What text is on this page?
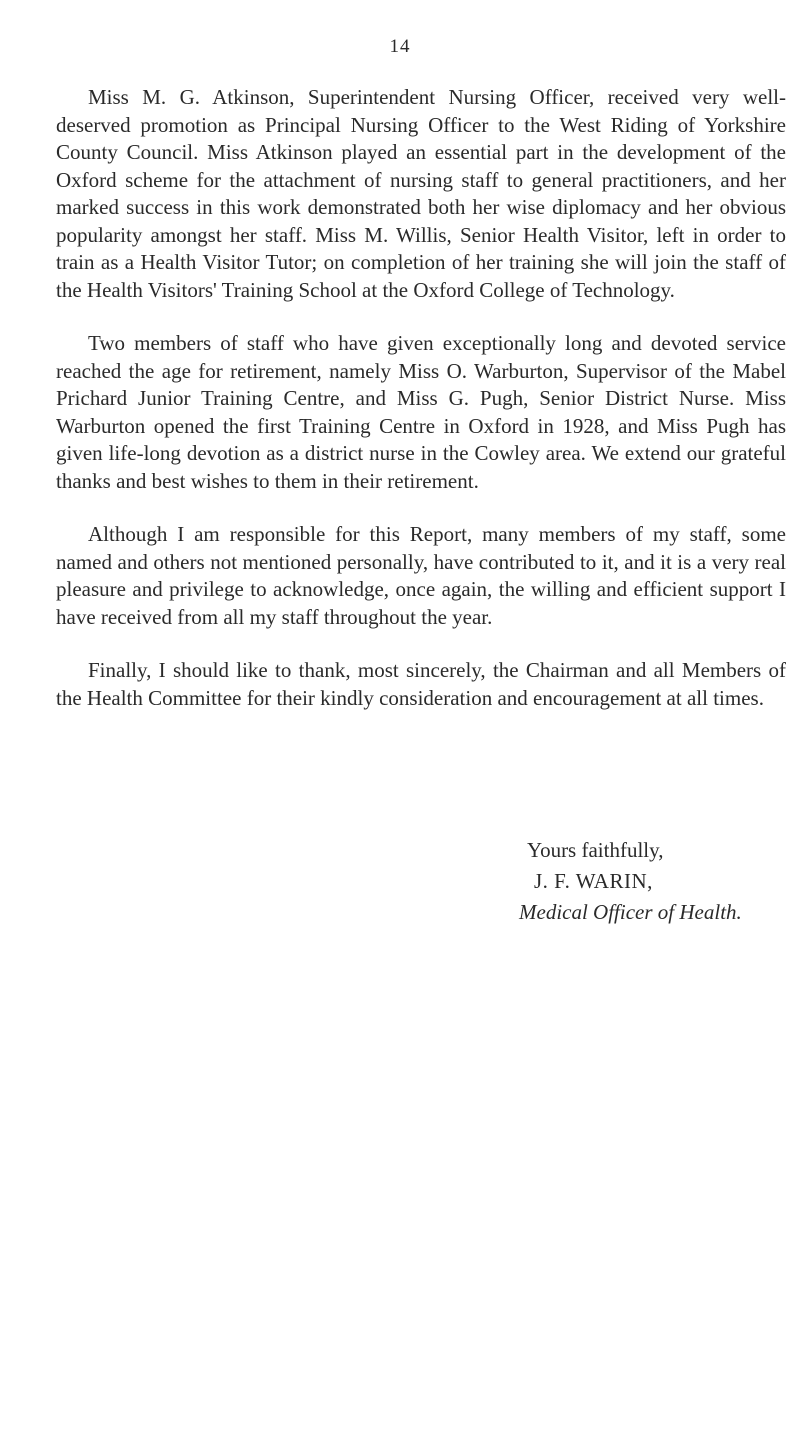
14

Miss M. G. Atkinson, Superintendent Nursing Officer, received very well-deserved promotion as Principal Nursing Officer to the West Riding of Yorkshire County Council. Miss Atkinson played an essential part in the development of the Oxford scheme for the attachment of nursing staff to general practitioners, and her marked success in this work demonstrated both her wise diplomacy and her obvious popularity amongst her staff. Miss M. Willis, Senior Health Visitor, left in order to train as a Health Visitor Tutor; on completion of her training she will join the staff of the Health Visitors' Training School at the Oxford College of Technology.

Two members of staff who have given exceptionally long and devoted service reached the age for retirement, namely Miss O. Warburton, Supervisor of the Mabel Prichard Junior Training Centre, and Miss G. Pugh, Senior District Nurse. Miss Warburton opened the first Training Centre in Oxford in 1928, and Miss Pugh has given life-long devotion as a district nurse in the Cowley area. We extend our grateful thanks and best wishes to them in their retirement.

Although I am responsible for this Report, many members of my staff, some named and others not mentioned personally, have contributed to it, and it is a very real pleasure and privilege to acknowledge, once again, the willing and efficient support I have received from all my staff throughout the year.

Finally, I should like to thank, most sincerely, the Chairman and all Members of the Health Committee for their kindly consideration and encouragement at all times.

Yours faithfully,
J. F. WARIN,
Medical Officer of Health.
